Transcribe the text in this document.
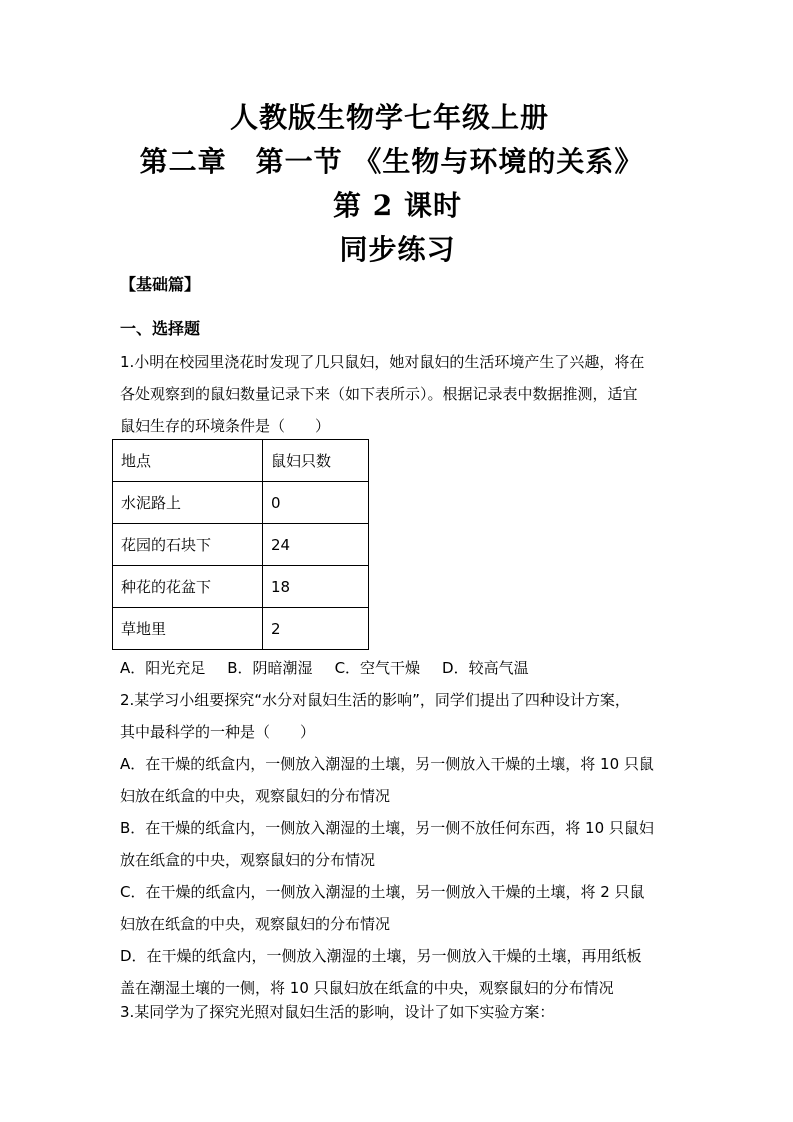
人教版生物学七年级上册
第二章　第一节 《生物与环境的关系》
第 2 课时
同步练习
【基础篇】
一、选择题
1.小明在校园里浇花时发现了几只鼠妇，她对鼠妇的生活环境产生了兴趣，将在
各处观察到的鼠妇数量记录下来（如下表所示）。根据记录表中数据推测，适宜
鼠妇生存的环境条件是（　　）
地点	鼠妇只数
水泥路上	0
花园的石块下	24
种花的花盆下	18
草地里	2
A．阳光充足 B．阴暗潮湿 C．空气干燥 D．较高气温
2.某学习小组要探究“水分对鼠妇生活的影响”，同学们提出了四种设计方案，
其中最科学的一种是（　　）
A．在干燥的纸盒内，一侧放入潮湿的土壤，另一侧放入干燥的土壤，将 10 只鼠
妇放在纸盒的中央，观察鼠妇的分布情况
B．在干燥的纸盒内，一侧放入潮湿的土壤，另一侧不放任何东西，将 10 只鼠妇
放在纸盒的中央，观察鼠妇的分布情况
C．在干燥的纸盒内，一侧放入潮湿的土壤，另一侧放入干燥的土壤，将 2 只鼠
妇放在纸盒的中央，观察鼠妇的分布情况
D．在干燥的纸盒内，一侧放入潮湿的土壤，另一侧放入干燥的土壤，再用纸板
盖在潮湿土壤的一侧，将 10 只鼠妇放在纸盒的中央，观察鼠妇的分布情况
3.某同学为了探究光照对鼠妇生活的影响，设计了如下实验方案：
